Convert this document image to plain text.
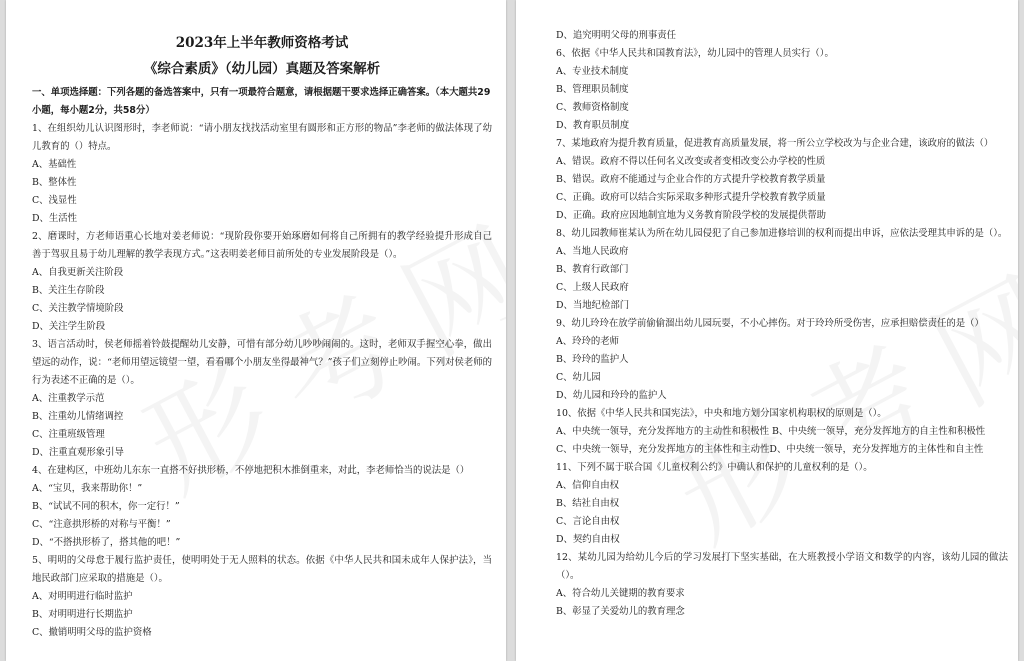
2023年上半年教师资格考试
《综合素质》（幼儿园）真题及答案解析
一、单项选择题：下列各题的备选答案中，只有一项最符合题意，请根据题干要求选择正确答案。（本大题共29小题，每小题2分，共58分）

1、在组织幼儿认识图形时，李老师说：“请小朋友找找活动室里有圆形和正方形的物品”李老师的做法体现了幼儿教育的（）特点。

A、基础性

B、整体性

C、浅显性

D、生活性

2、磨课时，方老师语重心长地对姜老师说：“现阶段你要开始琢磨如何将自己所拥有的教学经验提升形成自己善于驾驭且易于幼儿理解的教学表现方式。”这表明姜老师目前所处的专业发展阶段是（）。

A、自我更新关注阶段

B、关注生存阶段

C、关注教学情境阶段

D、关注学生阶段

3、语言活动时，侯老师摇着铃鼓提醒幼儿安静，可惜有部分幼儿吵吵闹闹的。这时，老师双手握空心拳，做出望远的动作，说：“老师用望远镜望一望，看看哪个小朋友坐得最神气？”孩子们立刻停止吵闹。下列对侯老师的行为表述不正确的是（）。

A、注重教学示范

B、注重幼儿情绪调控

C、注重班级管理

D、注重直观形象引导

4、在建构区，中班幼儿东东一直搭不好拱形桥，不停地把积木推倒重来，对此，李老师恰当的说法是（）

A、“宝贝，我来帮助你！”

B、“试试不同的积木，你一定行！”

C、“注意拱形桥的对称与平衡！”

D、“不搭拱形桥了，搭其他的吧！”

5、明明的父母怠于履行监护责任，使明明处于无人照料的状态。依据《中华人民共和国未成年人保护法》，当地民政部门应采取的措施是（）。

A、对明明进行临时监护

B、对明明进行长期监护

C、撤销明明父母的监护资格

D、追究明明父母的刑事责任

6、依据《中华人民共和国教育法》，幼儿园中的管理人员实行（）。

A、专业技术制度

B、管理职员制度

C、教师资格制度

D、教育职员制度

7、某地政府为提升教育质量，促进教育高质量发展，将一所公立学校改为与企业合建，该政府的做法（）

A、错误。政府不得以任何名义改变或者变相改变公办学校的性质

B、错误。政府不能通过与企业合作的方式提升学校教育教学质量

C、正确。政府可以结合实际采取多种形式提升学校教育教学质量

D、正确。政府应因地制宜地为义务教育阶段学校的发展提供帮助

8、幼儿园教师崔某认为所在幼儿园侵犯了自己参加进修培训的权利而提出申诉，应依法受理其申诉的是（）。

A、当地人民政府

B、教育行政部门

C、上级人民政府

D、当地纪检部门

9、幼儿玲玲在放学前偷偷溜出幼儿园玩耍，不小心摔伤。对于玲玲所受伤害，应承担赔偿责任的是（）

A、玲玲的老师

B、玲玲的监护人

C、幼儿园

D、幼儿园和玲玲的监护人

10、依据《中华人民共和国宪法》，中央和地方划分国家机构职权的原则是（）。

A、中央统一领导，充分发挥地方的主动性和积极性 B、中央统一领导，充分发挥地方的自主性和积极性

C、中央统一领导，充分发挥地方的主体性和主动性D、中央统一领导，充分发挥地方的主体性和自主性

11、下列不属于联合国《儿童权利公约》中确认和保护的儿童权利的是（）。

A、信仰自由权

B、结社自由权

C、言论自由权

D、契约自由权

12、某幼儿园为给幼儿今后的学习发展打下坚实基础，在大班教授小学语文和数学的内容，该幼儿园的做法（）。

A、符合幼儿关键期的教育要求

B、彰显了关爱幼儿的教育理念
